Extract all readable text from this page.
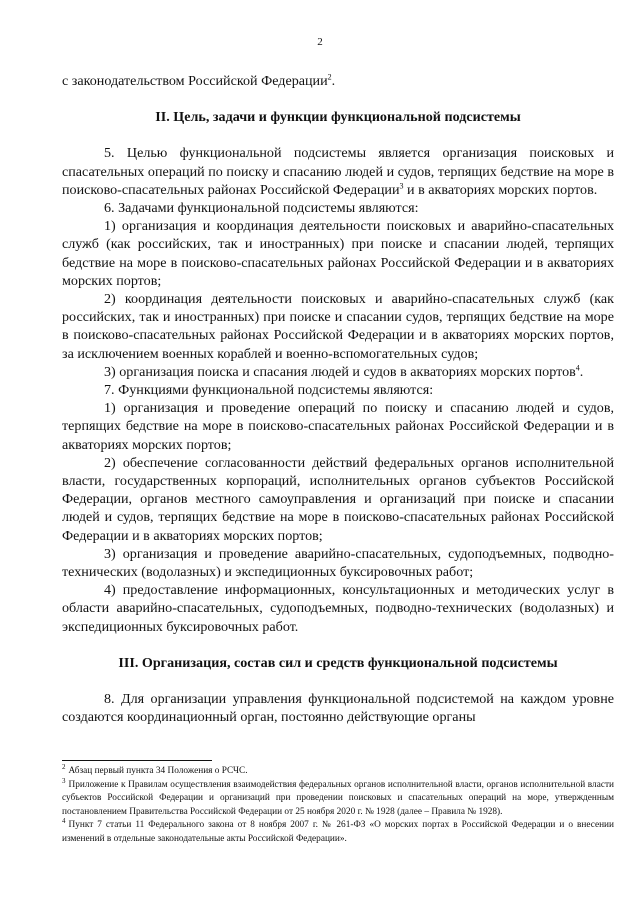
2

с законодательством Российской Федерации$^2$.

II. Цель, задачи и функции функциональной подсистемы

5. Целью функциональной подсистемы является организация поисковых и спасательных операций по поиску и спасанию людей и судов, терпящих бедствие на море в поисково-спасательных районах Российской Федерации$^3$ и в акваториях морских портов.

6. Задачами функциональной подсистемы являются:

1) организация и координация деятельности поисковых и аварийно-спасательных служб (как российских, так и иностранных) при поиске и спасании людей, терпящих бедствие на море в поисково-спасательных районах Российской Федерации и в акваториях морских портов;

2) координация деятельности поисковых и аварийно-спасательных служб (как российских, так и иностранных) при поиске и спасании судов, терпящих бедствие на море в поисково-спасательных районах Российской Федерации и в акваториях морских портов, за исключением военных кораблей и военно-вспомогательных судов;

3) организация поиска и спасания людей и судов в акваториях морских портов$^4$.

7. Функциями функциональной подсистемы являются:

1) организация и проведение операций по поиску и спасанию людей и судов, терпящих бедствие на море в поисково-спасательных районах Российской Федерации и в акваториях морских портов;

2) обеспечение согласованности действий федеральных органов исполнительной власти, государственных корпораций, исполнительных органов субъектов Российской Федерации, органов местного самоуправления и организаций при поиске и спасании людей и судов, терпящих бедствие на море в поисково-спасательных районах Российской Федерации и в акваториях морских портов;

3) организация и проведение аварийно-спасательных, судоподъемных, подводно-технических (водолазных) и экспедиционных буксировочных работ;

4) предоставление информационных, консультационных и методических услуг в области аварийно-спасательных, судоподъемных, подводно-технических (водолазных) и экспедиционных буксировочных работ.

III. Организация, состав сил и средств функциональной подсистемы

8. Для организации управления функциональной подсистемой на каждом уровне создаются координационный орган, постоянно действующие органы

$^2$ Абзац первый пункта 34 Положения о РСЧС.

$^3$ Приложение к Правилам осуществления взаимодействия федеральных органов исполнительной власти, органов исполнительной власти субъектов Российской Федерации и организаций при проведении поисковых и спасательных операций на море, утвержденным постановлением Правительства Российской Федерации от 25 ноября 2020 г. № 1928 (далее – Правила № 1928).

$^4$ Пункт 7 статьи 11 Федерального закона от 8 ноября 2007 г. № 261-ФЗ «О морских портах в Российской Федерации и о внесении изменений в отдельные законодательные акты Российской Федерации».
